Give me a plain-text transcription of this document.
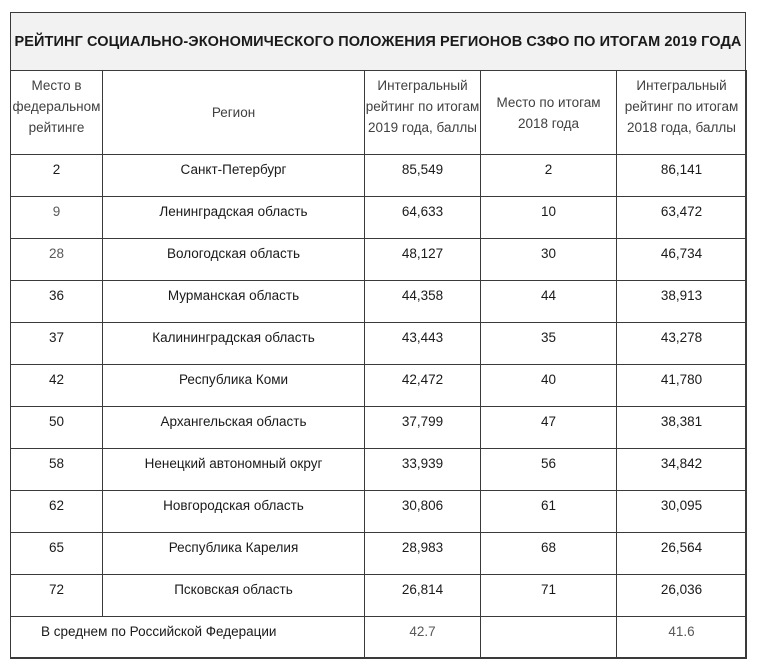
РЕЙТИНГ СОЦИАЛЬНО-ЭКОНОМИЧЕСКОГО ПОЛОЖЕНИЯ РЕГИОНОВ СЗФО ПО ИТОГАМ 2019 ГОДА
Место в федеральном рейтинге	Регион	Интегральный рейтинг по итогам 2019 года, баллы	Место по итогам 2018 года	Интегральный рейтинг по итогам 2018 года, баллы
2	Санкт-Петербург	85,549	2	86,141
9	Ленинградская область	64,633	10	63,472
28	Вологодская область	48,127	30	46,734
36	Мурманская область	44,358	44	38,913
37	Калининградская область	43,443	35	43,278
42	Республика Коми	42,472	40	41,780
50	Архангельская область	37,799	47	38,381
58	Ненецкий автономный округ	33,939	56	34,842
62	Новгородская область	30,806	61	30,095
65	Республика Карелия	28,983	68	26,564
72	Псковская область	26,814	71	26,036
В среднем по Российской Федерации		42.7		41.6
